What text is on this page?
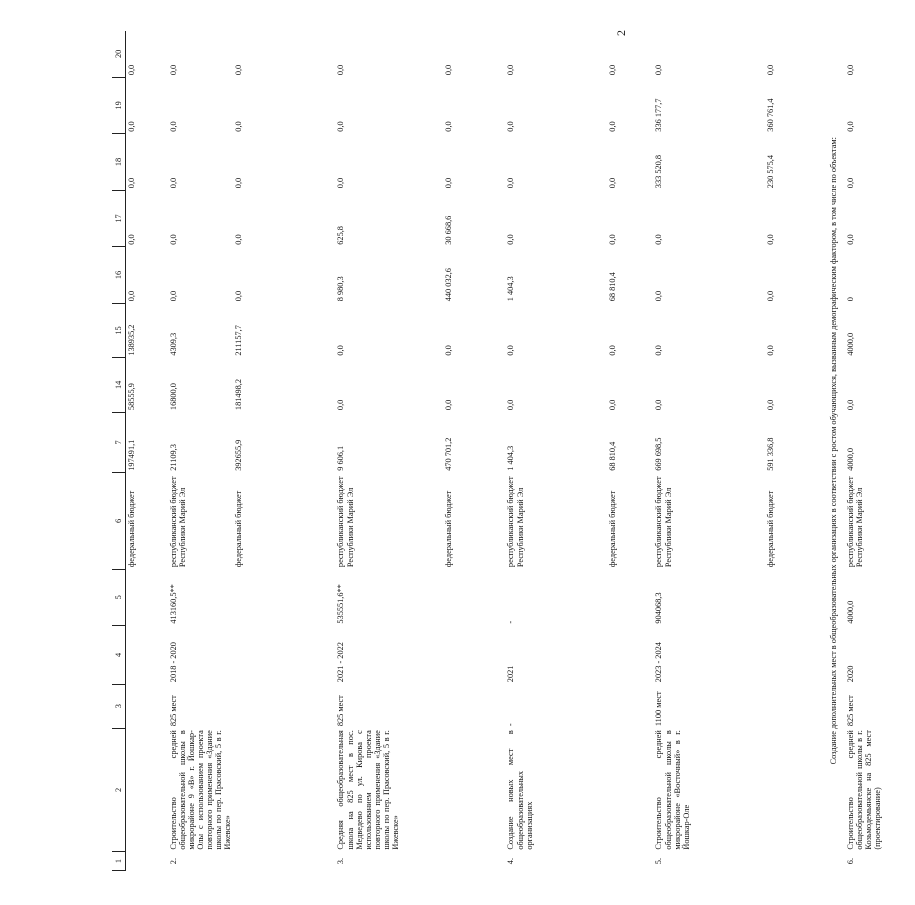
2
1	2	3	4	5	6	7	14	15	16	17	18	19	20
					федеральный бюджет	197491,1	58555,9	138935,2	0,0	0,0	0,0	0,0	0,0
2.	Строительство средней общеобразовательной школы в микрорайоне 9 «В» г. Йошкар-Олы с использованием проекта повторного применения «Здание школы по пер. Прасовский, 5 в г. Ижевске»	825 мест	2018 - 2020	413160,5**	республиканский бюджет Республики Марий Эл	21109,3	16800,0	4309,3	0,0	0,0	0,0	0,0	0,0
					федеральный бюджет	392655,9	181498,2	211157,7	0,0	0,0	0,0	0,0	0,0
3.	Средняя общеобразовательная школа на 825 мест в пос. Медведево по ул. Кирова с использованием проекта повторного применения «Здание школы по пер. Прасовский, 5 в г. Ижевске»	825 мест	2021 - 2022	535551,6**	республиканский бюджет Республики Марий Эл	9 606,1	0,0	0,0	8 980,3	625,8	0,0	0,0	0,0
					федеральный бюджет	470 701,2	0,0	0,0	440 032,6	30 668,6	0,0	0,0	0,0
4.	Создание новых мест в общеобразовательных организациях	-	2021	-	республиканский бюджет Республики Марий Эл	1 404,3	0,0	0,0	1 404,3	0,0	0,0	0,0	0,0
					федеральный бюджет	68 810,4	0,0	0,0	68 810,4	0,0	0,0	0,0	0,0
5.	Строительство средней общеобразовательной школы в микрорайоне «Восточный» в г. Йошкар-Оле	1100 мест	2023 - 2024	904068,3	республиканский бюджет Республики Марий Эл	669 698,5	0,0	0,0	0,0	0,0	333 520,8	336 177,7	0,0
					федеральный бюджет	591 336,8	0,0	0,0	0,0	0,0	230 575,4	360 761,4	0,0
Создание дополнительных мест в общеобразовательных организациях в соответствии с ростом обучающихся, вызванным демографическим фактором, в том числе по объектам:													
6.	Строительство средней общеобразовательной школы в г. Козьмодемьянске на 825 мест (проектирование)	825 мест	2020	4000,0	республиканский бюджет Республики Марий Эл	4000,0	0,0	4000,0	0	0,0	0,0	0,0	0,0
